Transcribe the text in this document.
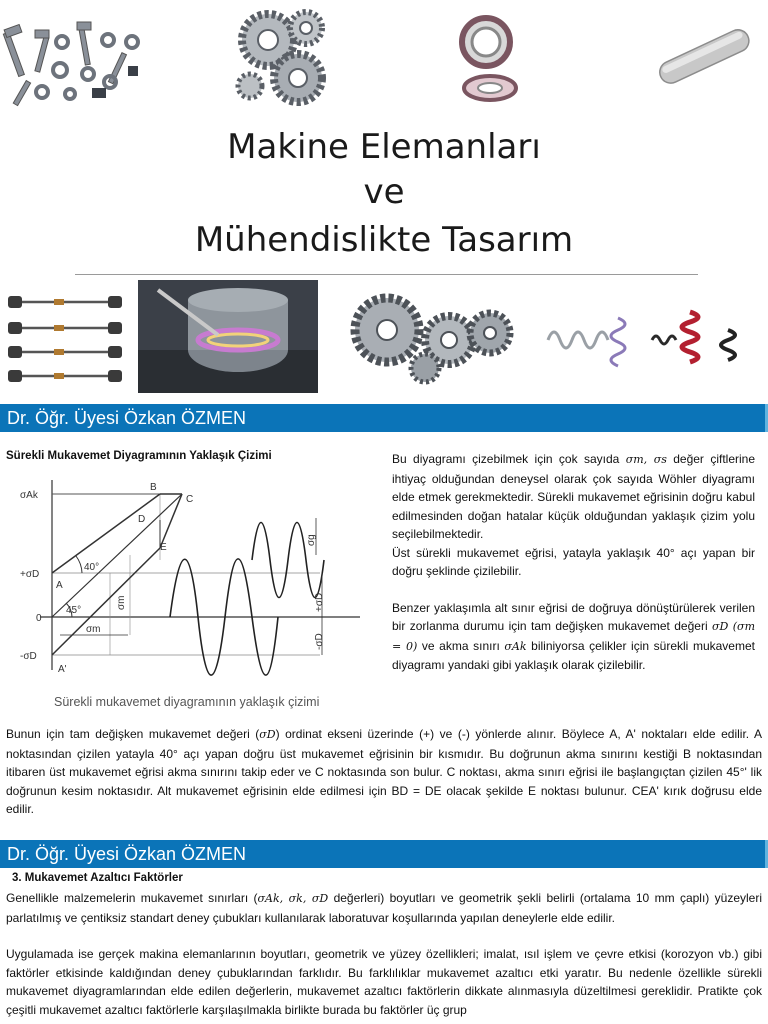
Makine Elemanları
ve
Mühendislikte Tasarım
Dr. Öğr. Üyesi Özkan ÖZMEN
Sürekli Mukavemet Diyagramının Yaklaşık Çizimi
σAk
+σD
0
-σD
A
A'
B
C
D
E
40°
45°
σm
σm
σg
+σD
-σD
Sürekli mukavemet diyagramının yaklaşık çizimi

Bu diyagramı çizebilmek için çok sayıda σm, σs değer çiftlerine ihtiyaç olduğundan deneysel olarak çok sayıda Wöhler diyagramı elde etmek gerekmektedir. Sürekli mukavemet eğrisinin doğru kabul edilmesinden doğan hatalar küçük olduğundan yaklaşık çizim yolu seçilebilmektedir.

Üst sürekli mukavemet eğrisi, yatayla yaklaşık 40° açı yapan bir doğru şeklinde çizilebilir.

Benzer yaklaşımla alt sınır eğrisi de doğruya dönüştürülerek verilen bir zorlanma durumu için tam değişken mukavemet değeri σD (σm = 0) ve akma sınırı σAk biliniyorsa çelikler için sürekli mukavemet diyagramı yandaki gibi yaklaşık olarak çizilebilir.

Bunun için tam değişken mukavemet değeri (σD) ordinat ekseni üzerinde (+) ve (-) yönlerde alınır. Böylece A, A' noktaları elde edilir. A noktasından çizilen yatayla 40° açı yapan doğru üst mukavemet eğrisinin bir kısmıdır. Bu doğrunun akma sınırını kestiği B noktasından itibaren üst mukavemet eğrisi akma sınırını takip eder ve C noktasında son bulur. C noktası, akma sınırı eğrisi ile başlangıçtan çizilen 45°' lik doğrunun kesim noktasıdır. Alt mukavemet eğrisinin elde edilmesi için BD = DE olacak şekilde E noktası bulunur. CEA' kırık doğrusu elde edilir.

Dr. Öğr. Üyesi Özkan ÖZMEN
3. Mukavemet Azaltıcı Faktörler

Genellikle malzemelerin mukavemet sınırları (σAk, σk, σD değerleri) boyutları ve geometrik şekli belirli (ortalama 10 mm çaplı) yüzeyleri parlatılmış ve çentiksiz standart deney çubukları kullanılarak laboratuvar koşullarında yapılan deneylerle elde edilir.

Uygulamada ise gerçek makina elemanlarının boyutları, geometrik ve yüzey özellikleri; imalat, ısıl işlem ve çevre etkisi (korozyon vb.) gibi faktörler etkisinde kaldığından deney çubuklarından farklıdır. Bu farklılıklar mukavemet azaltıcı etki yaratır. Bu nedenle özellikle sürekli mukavemet diyagramlarından elde edilen değerlerin, mukavemet azaltıcı faktörlerin dikkate alınmasıyla düzeltilmesi gereklidir. Pratikte çok çeşitli mukavemet azaltıcı faktörlerle karşılaşılmakla birlikte burada bu faktörler üç grup
